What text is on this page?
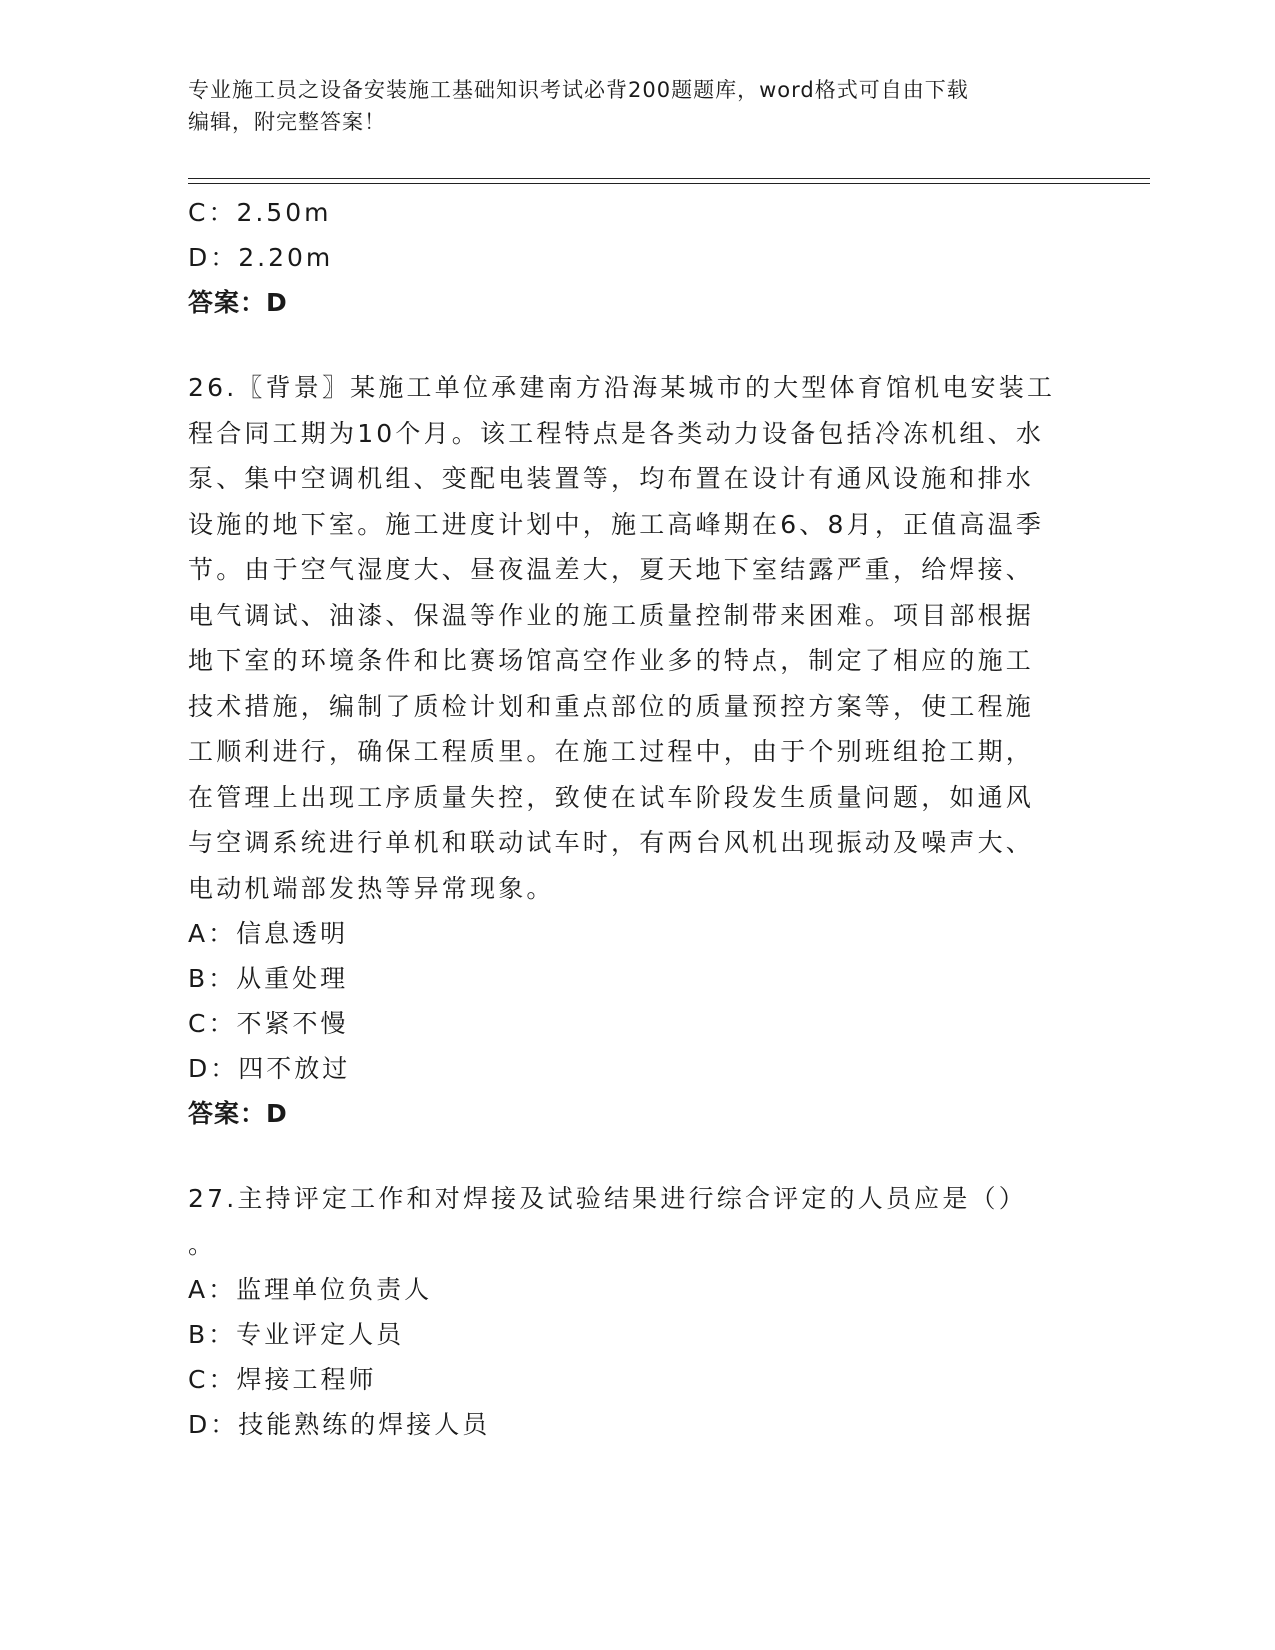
专业施工员之设备安装施工基础知识考试必背200题题库，word格式可自由下载
编辑，附完整答案！
C：2.50m
D：2.20m
答案：D

26.〖背景〗某施工单位承建南方沿海某城市的大型体育馆机电安装工

程合同工期为10个月。该工程特点是各类动力设备包括冷冻机组、水

泵、集中空调机组、变配电装置等，均布置在设计有通风设施和排水

设施的地下室。施工进度计划中，施工高峰期在6、8月，正值高温季

节。由于空气湿度大、昼夜温差大，夏天地下室结露严重，给焊接、

电气调试、油漆、保温等作业的施工质量控制带来困难。项目部根据

地下室的环境条件和比赛场馆高空作业多的特点，制定了相应的施工

技术措施，编制了质检计划和重点部位的质量预控方案等，使工程施

工顺利进行，确保工程质里。在施工过程中，由于个别班组抢工期，

在管理上出现工序质量失控，致使在试车阶段发生质量问题，如通风

与空调系统进行单机和联动试车时，有两台风机出现振动及噪声大、

电动机端部发热等异常现象。

A：信息透明
B：从重处理
C：不紧不慢
D：四不放过
答案：D

27.主持评定工作和对焊接及试验结果进行综合评定的人员应是（）

。

A：监理单位负责人
B：专业评定人员
C：焊接工程师
D：技能熟练的焊接人员
